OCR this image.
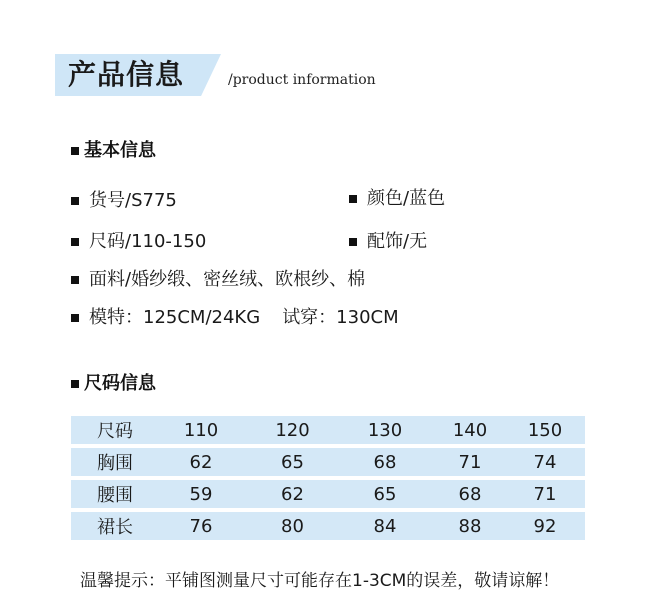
产品信息	/product information
基本信息
货号/S775	颜色/蓝色
尺码/110-150	配饰/无
面料/婚纱缎、密丝绒、欧根纱、棉
模特：125CM/24KG 试穿：130CM
尺码信息
尺码	110	120	130	140	150
胸围	62	65	68	71	74
腰围	59	62	65	68	71
裙长	76	80	84	88	92
温馨提示：平铺图测量尺寸可能存在1-3CM的误差，敬请谅解！
